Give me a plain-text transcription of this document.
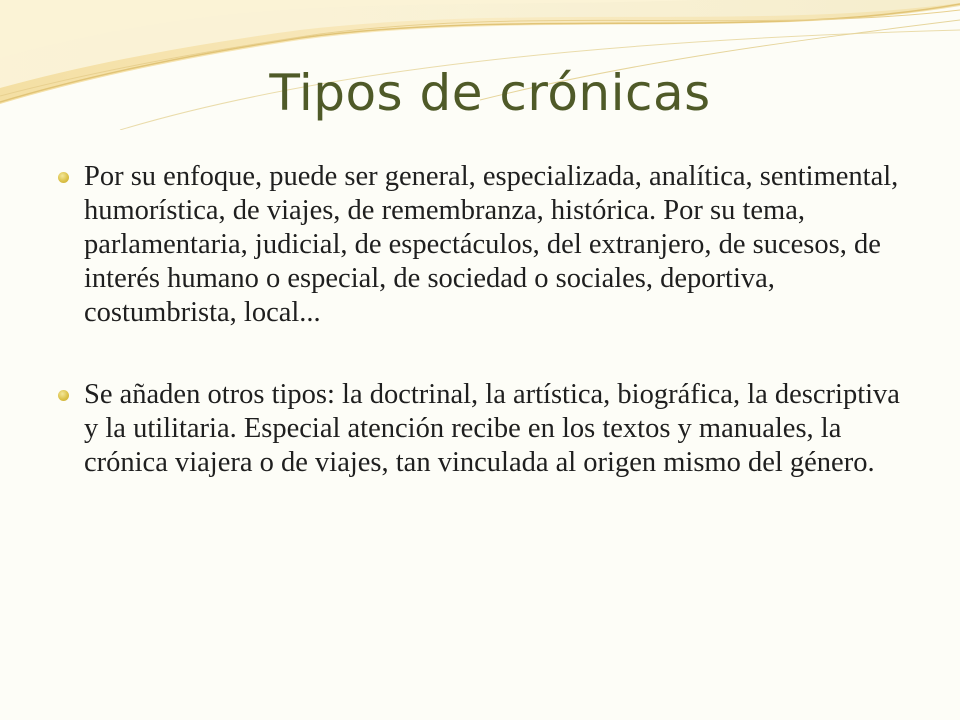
Tipos de crónicas
Por su enfoque, puede ser general, especializada, analítica, sentimental, humorística, de viajes, de remembranza, histórica. Por su tema, parlamentaria, judicial, de espectáculos, del extranjero, de sucesos, de interés humano o especial, de sociedad o sociales, deportiva, costumbrista, local...
Se añaden otros tipos: la doctrinal, la artística, biográfica, la descriptiva y la utilitaria. Especial atención recibe en los textos y manuales, la crónica viajera o de viajes, tan vinculada al origen mismo del género.
